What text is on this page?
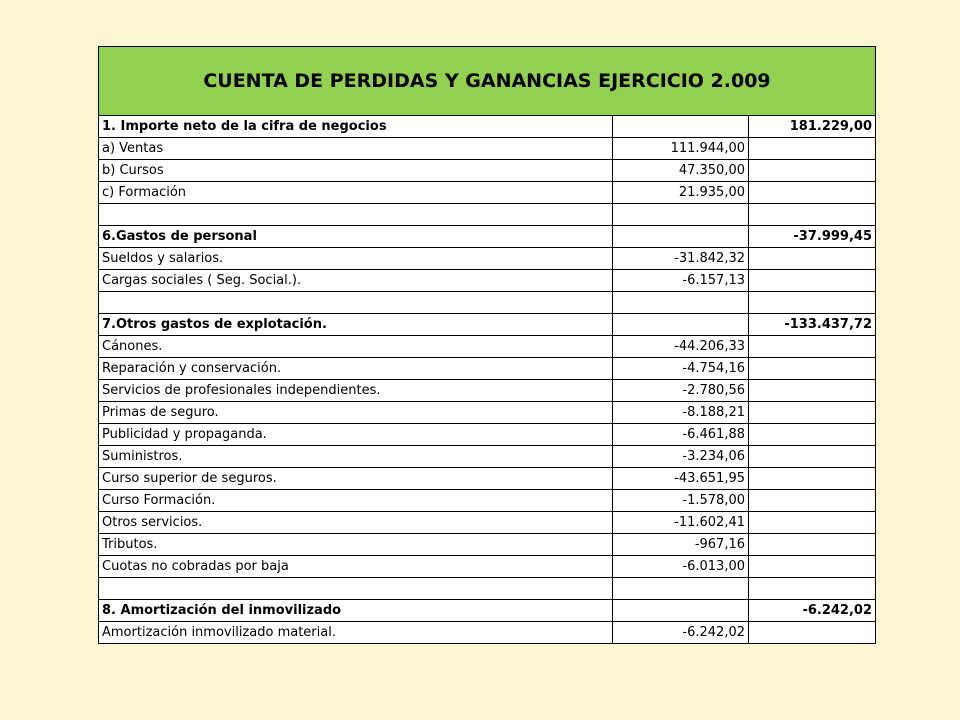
CUENTA DE PERDIDAS Y GANANCIAS EJERCICIO 2.009		
1. Importe neto de la cifra de negocios		181.229,00
a) Ventas	111.944,00	
b) Cursos	47.350,00	
c) Formación	21.935,00	

6.Gastos de personal		-37.999,45
Sueldos y salarios.	-31.842,32	
Cargas sociales ( Seg. Social.).	-6.157,13	

7.Otros gastos de explotación.		-133.437,72
Cánones.	-44.206,33	
Reparación y conservación.	-4.754,16	
Servicios de profesionales independientes.	-2.780,56	
Primas de seguro.	-8.188,21	
Publicidad y propaganda.	-6.461,88	
Suministros.	-3.234,06	
Curso superior de seguros.	-43.651,95	
Curso Formación.	-1.578,00	
Otros servicios.	-11.602,41	
Tributos.	-967,16	
Cuotas no cobradas por baja	-6.013,00	

8. Amortización del inmovilizado		-6.242,02
Amortización inmovilizado material.	-6.242,02	
